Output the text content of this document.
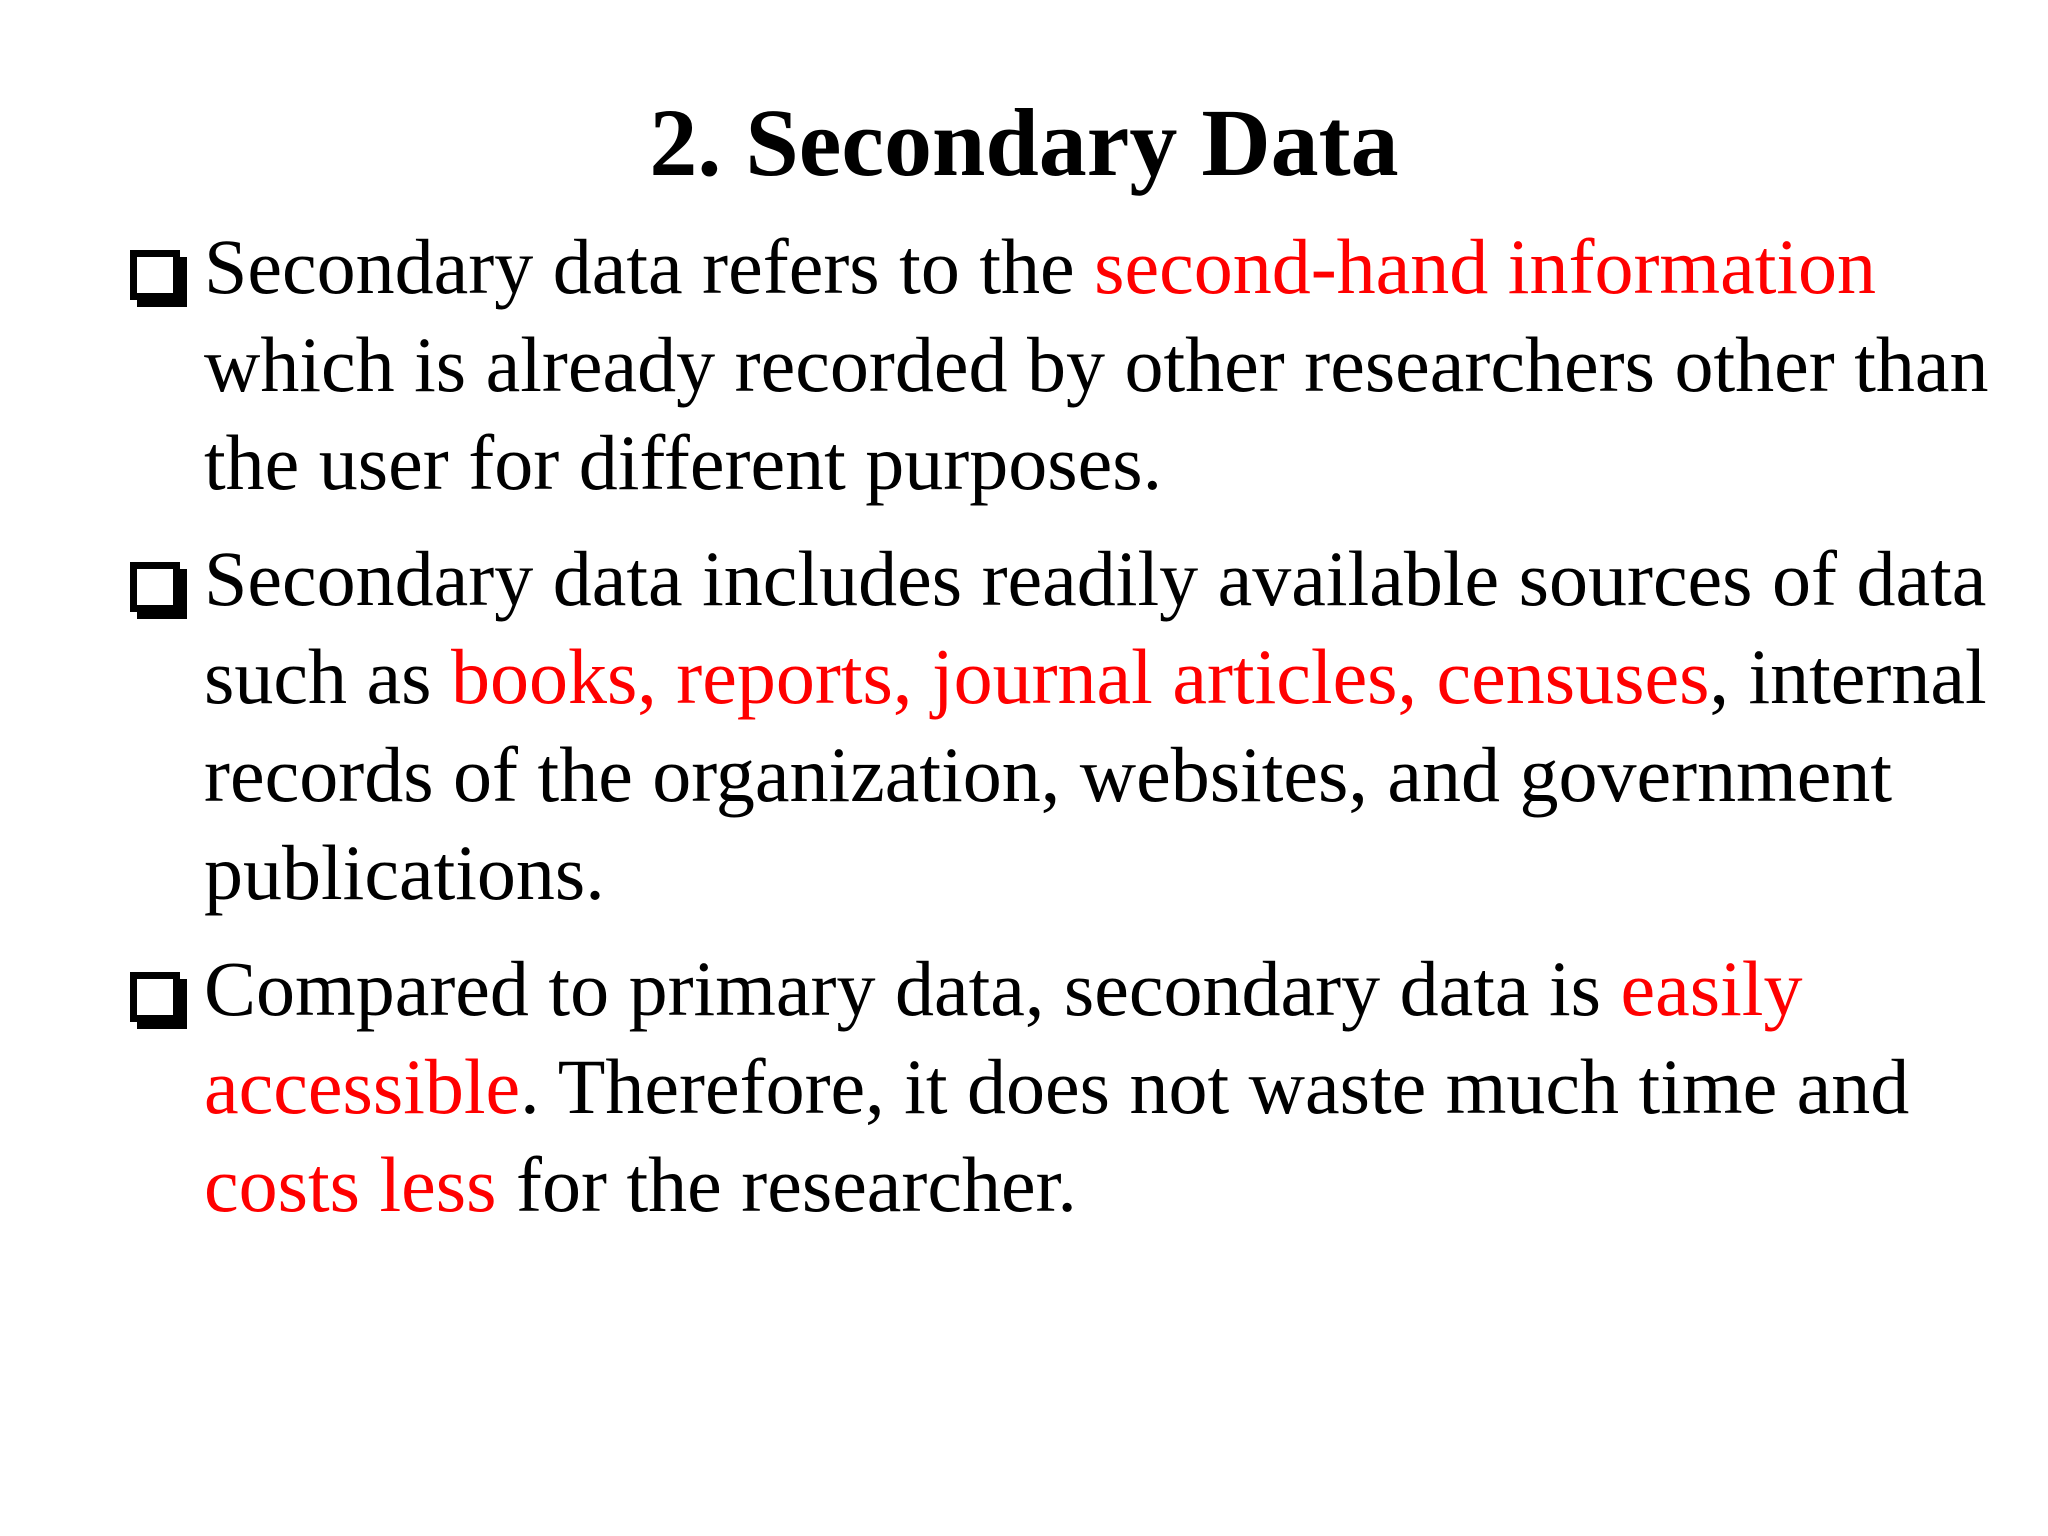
2. Secondary Data
Secondary data refers to the second-hand information which is already recorded by other researchers other than the user for different purposes.
Secondary data includes readily available sources of data such as books, reports, journal articles, censuses, internal records of the organization, websites, and government publications.
Compared to primary data, secondary data is easily accessible. Therefore, it does not waste much time and costs less for the researcher.
